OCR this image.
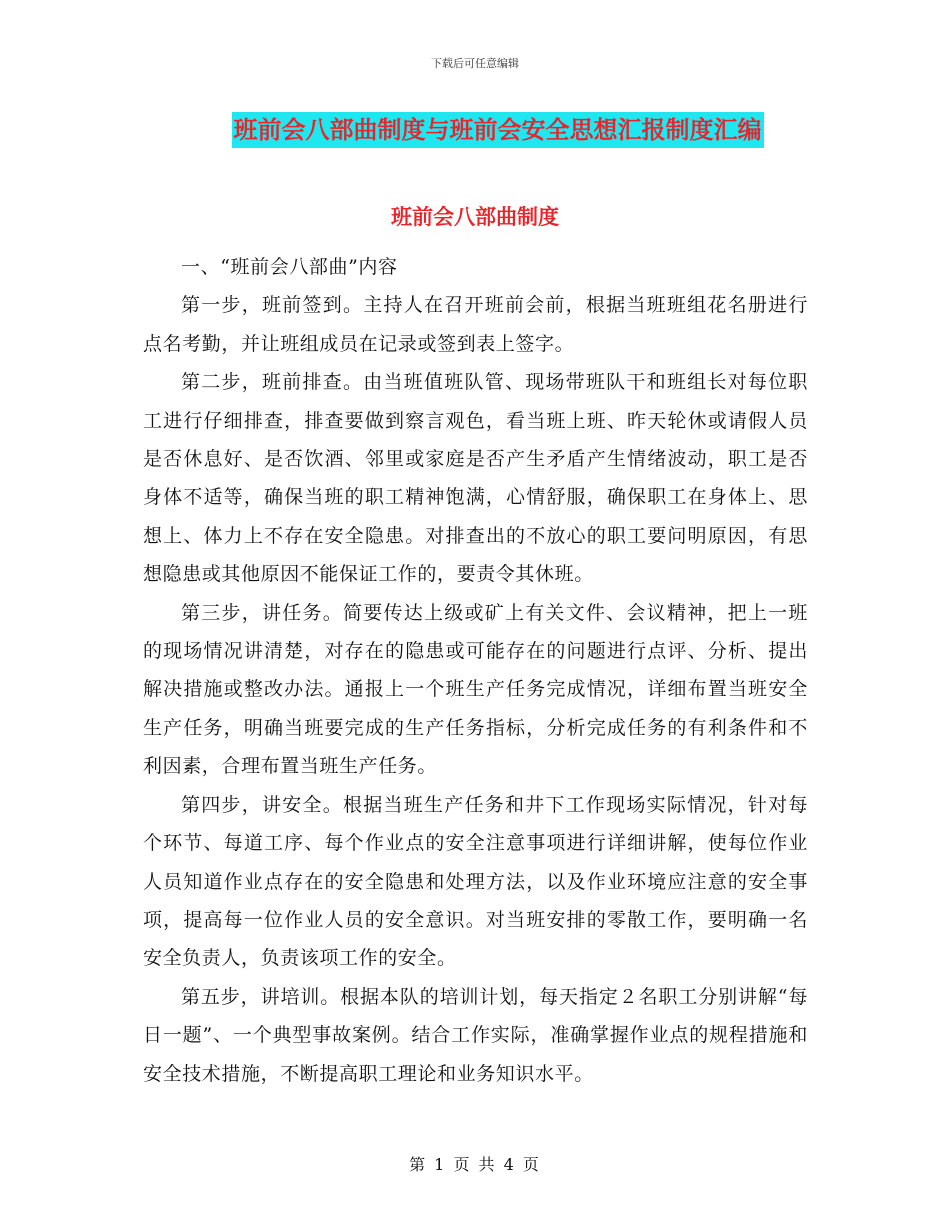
下载后可任意编辑
班前会八部曲制度与班前会安全思想汇报制度汇编
班前会八部曲制度

一、“班前会八部曲”内容

第一步，班前签到。主持人在召开班前会前，根据当班班组花名册进行点名考勤，并让班组成员在记录或签到表上签字。

第二步，班前排查。由当班值班队管、现场带班队干和班组长对每位职工进行仔细排查，排查要做到察言观色，看当班上班、昨天轮休或请假人员是否休息好、是否饮酒、邻里或家庭是否产生矛盾产生情绪波动，职工是否身体不适等，确保当班的职工精神饱满，心情舒服，确保职工在身体上、思想上、体力上不存在安全隐患。对排查出的不放心的职工要问明原因，有思想隐患或其他原因不能保证工作的，要责令其休班。

第三步，讲任务。简要传达上级或矿上有关文件、会议精神，把上一班的现场情况讲清楚，对存在的隐患或可能存在的问题进行点评、分析、提出解决措施或整改办法。通报上一个班生产任务完成情况，详细布置当班安全生产任务，明确当班要完成的生产任务指标，分析完成任务的有利条件和不利因素，合理布置当班生产任务。

第四步，讲安全。根据当班生产任务和井下工作现场实际情况，针对每个环节、每道工序、每个作业点的安全注意事项进行详细讲解，使每位作业人员知道作业点存在的安全隐患和处理方法，以及作业环境应注意的安全事项，提高每一位作业人员的安全意识。对当班安排的零散工作，要明确一名安全负责人，负责该项工作的安全。

第五步，讲培训。根据本队的培训计划，每天指定２名职工分别讲解“每日一题”、一个典型事故案例。结合工作实际，准确掌握作业点的规程措施和安全技术措施，不断提高职工理论和业务知识水平。

第 1 页 共 4 页
